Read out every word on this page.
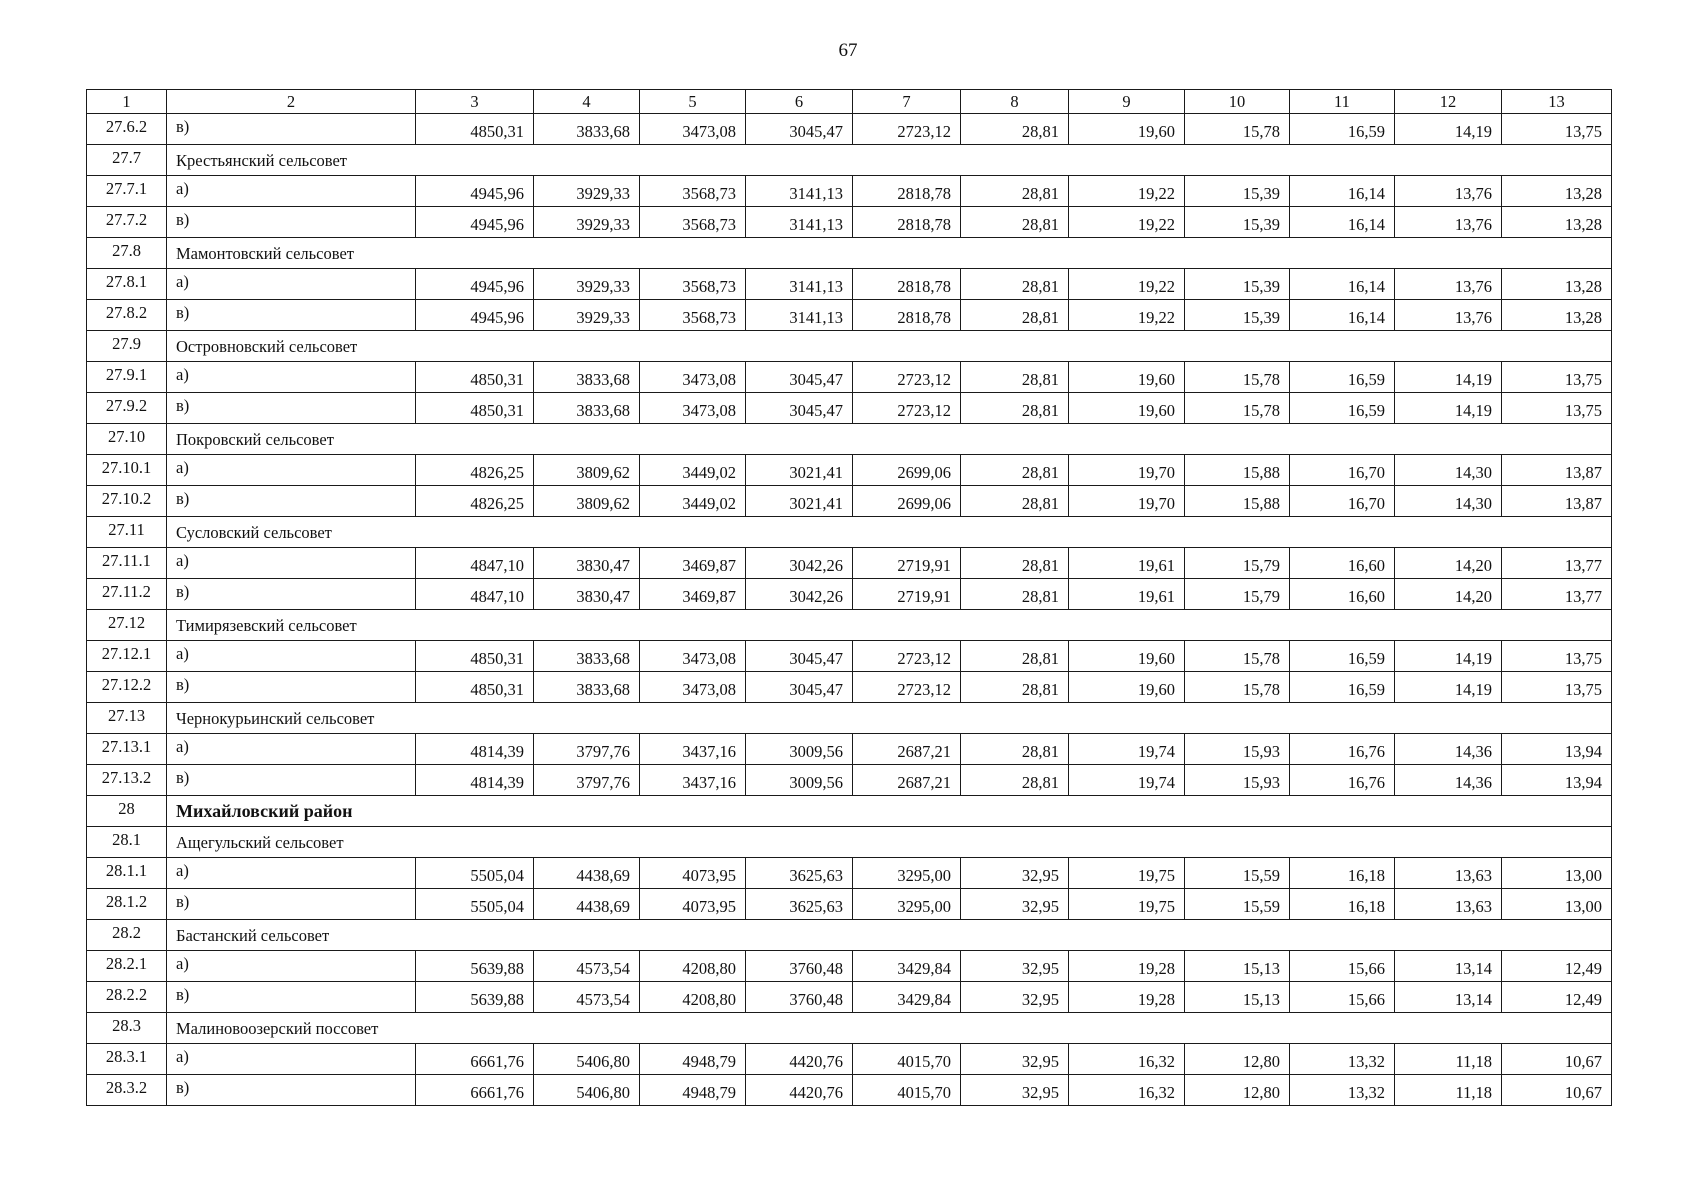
67
1	2	3	4	5	6	7	8	9	10	11	12	13
27.6.2	в)	4850,31	3833,68	3473,08	3045,47	2723,12	28,81	19,60	15,78	16,59	14,19	13,75
27.7	Крестьянский сельсовет											
27.7.1	а)	4945,96	3929,33	3568,73	3141,13	2818,78	28,81	19,22	15,39	16,14	13,76	13,28
27.7.2	в)	4945,96	3929,33	3568,73	3141,13	2818,78	28,81	19,22	15,39	16,14	13,76	13,28
27.8	Мамонтовский сельсовет											
27.8.1	а)	4945,96	3929,33	3568,73	3141,13	2818,78	28,81	19,22	15,39	16,14	13,76	13,28
27.8.2	в)	4945,96	3929,33	3568,73	3141,13	2818,78	28,81	19,22	15,39	16,14	13,76	13,28
27.9	Островновский сельсовет											
27.9.1	а)	4850,31	3833,68	3473,08	3045,47	2723,12	28,81	19,60	15,78	16,59	14,19	13,75
27.9.2	в)	4850,31	3833,68	3473,08	3045,47	2723,12	28,81	19,60	15,78	16,59	14,19	13,75
27.10	Покровский сельсовет											
27.10.1	а)	4826,25	3809,62	3449,02	3021,41	2699,06	28,81	19,70	15,88	16,70	14,30	13,87
27.10.2	в)	4826,25	3809,62	3449,02	3021,41	2699,06	28,81	19,70	15,88	16,70	14,30	13,87
27.11	Сусловский сельсовет											
27.11.1	а)	4847,10	3830,47	3469,87	3042,26	2719,91	28,81	19,61	15,79	16,60	14,20	13,77
27.11.2	в)	4847,10	3830,47	3469,87	3042,26	2719,91	28,81	19,61	15,79	16,60	14,20	13,77
27.12	Тимирязевский сельсовет											
27.12.1	а)	4850,31	3833,68	3473,08	3045,47	2723,12	28,81	19,60	15,78	16,59	14,19	13,75
27.12.2	в)	4850,31	3833,68	3473,08	3045,47	2723,12	28,81	19,60	15,78	16,59	14,19	13,75
27.13	Чернокурьинский сельсовет											
27.13.1	а)	4814,39	3797,76	3437,16	3009,56	2687,21	28,81	19,74	15,93	16,76	14,36	13,94
27.13.2	в)	4814,39	3797,76	3437,16	3009,56	2687,21	28,81	19,74	15,93	16,76	14,36	13,94
28	Михайловский район											
28.1	Ащегульский сельсовет											
28.1.1	а)	5505,04	4438,69	4073,95	3625,63	3295,00	32,95	19,75	15,59	16,18	13,63	13,00
28.1.2	в)	5505,04	4438,69	4073,95	3625,63	3295,00	32,95	19,75	15,59	16,18	13,63	13,00
28.2	Бастанский сельсовет											
28.2.1	а)	5639,88	4573,54	4208,80	3760,48	3429,84	32,95	19,28	15,13	15,66	13,14	12,49
28.2.2	в)	5639,88	4573,54	4208,80	3760,48	3429,84	32,95	19,28	15,13	15,66	13,14	12,49
28.3	Малиновоозерский поссовет											
28.3.1	а)	6661,76	5406,80	4948,79	4420,76	4015,70	32,95	16,32	12,80	13,32	11,18	10,67
28.3.2	в)	6661,76	5406,80	4948,79	4420,76	4015,70	32,95	16,32	12,80	13,32	11,18	10,67
